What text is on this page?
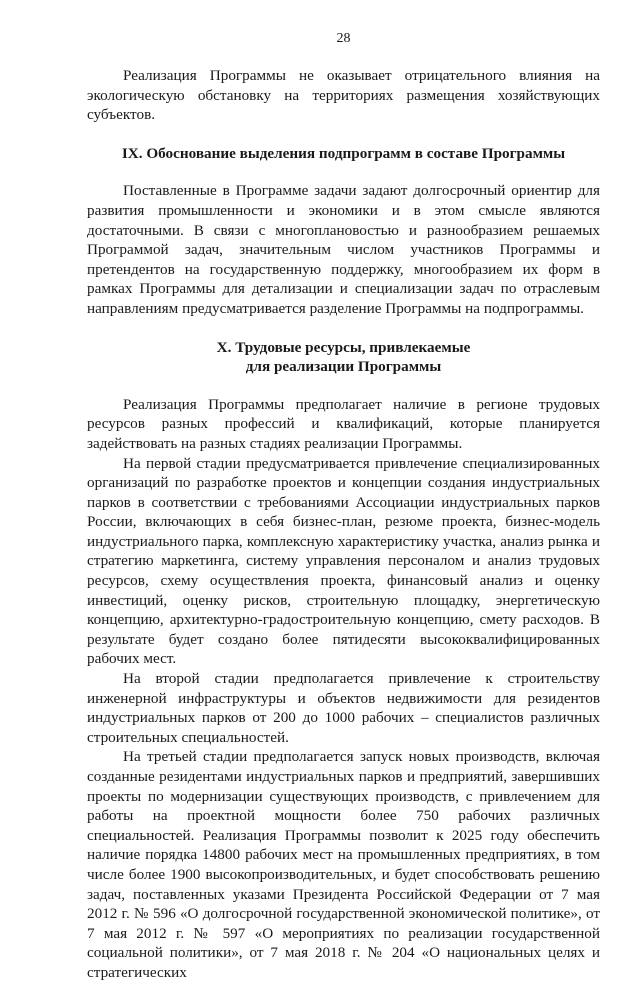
28

Реализация Программы не оказывает отрицательного влияния на экологическую обстановку на территориях размещения хозяйствующих субъектов.

IX. Обоснование выделения подпрограмм в составе Программы

Поставленные в Программе задачи задают долгосрочный ориентир для развития промышленности и экономики и в этом смысле являются достаточными. В связи с многоплановостью и разнообразием решаемых Программой задач, значительным числом участников Программы и претендентов на государственную поддержку, многообразием их форм в рамках Программы для детализации и специализации задач по отраслевым направлениям предусматривается разделение Программы на подпрограммы.

X. Трудовые ресурсы, привлекаемые
для реализации Программы

Реализация Программы предполагает наличие в регионе трудовых ресурсов разных профессий и квалификаций, которые планируется задействовать на разных стадиях реализации Программы.

На первой стадии предусматривается привлечение специализированных организаций по разработке проектов и концепции создания индустриальных парков в соответствии с требованиями Ассоциации индустриальных парков России, включающих в себя бизнес-план, резюме проекта, бизнес-модель индустриального парка, комплексную характеристику участка, анализ рынка и стратегию маркетинга, систему управления персоналом и анализ трудовых ресурсов, схему осуществления проекта, финансовый анализ и оценку инвестиций, оценку рисков, строительную площадку, энергетическую концепцию, архитектурно-градостроительную концепцию, смету расходов. В результате будет создано более пятидесяти высококвалифицированных рабочих мест.

На второй стадии предполагается привлечение к строительству инженерной инфраструктуры и объектов недвижимости для резидентов индустриальных парков от 200 до 1000 рабочих – специалистов различных строительных специальностей.

На третьей стадии предполагается запуск новых производств, включая созданные резидентами индустриальных парков и предприятий, завершивших проекты по модернизации существующих производств, с привлечением для работы на проектной мощности более 750 рабочих различных специальностей. Реализация Программы позволит к 2025 году обеспечить наличие порядка 14800 рабочих мест на промышленных предприятиях, в том числе более 1900 высокопроизводительных, и будет способствовать решению задач, поставленных указами Президента Российской Федерации от 7 мая 2012 г. № 596 «О долгосрочной государственной экономической политике», от 7 мая 2012 г. № 597 «О мероприятиях по реализации государственной социальной политики», от 7 мая 2018 г. № 204 «О национальных целях и стратегических
